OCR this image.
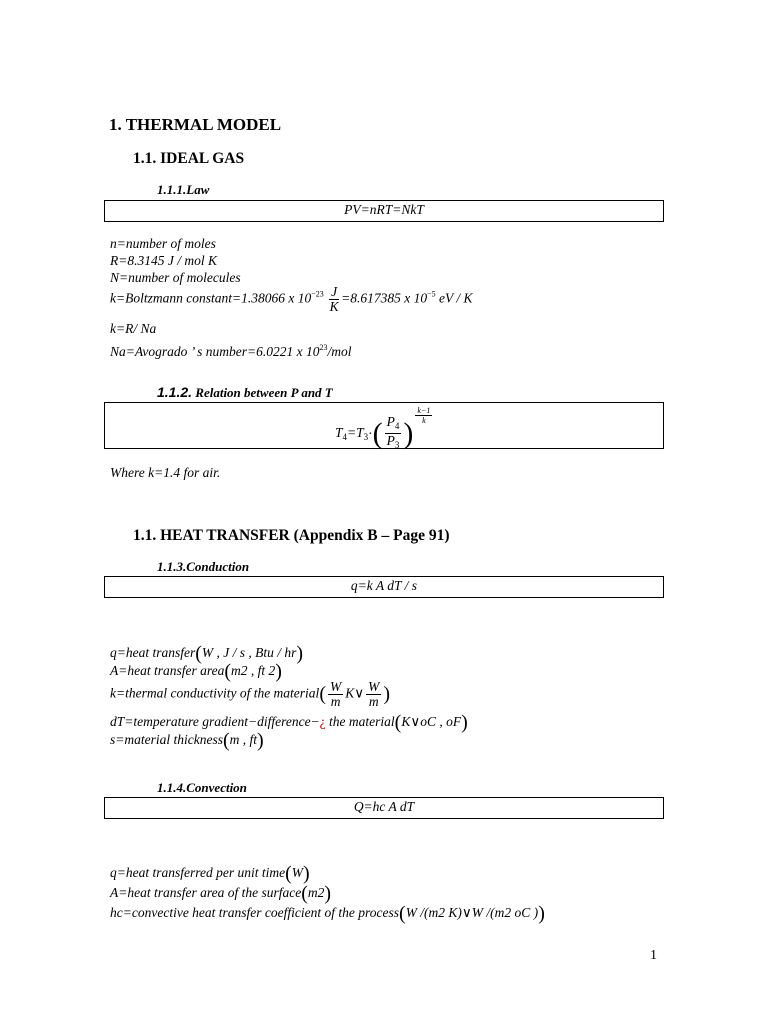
1. THERMAL MODEL
1.1. IDEAL GAS
1.1.1.Law
PV=nRT=NkT
n=number of moles
R=8.3145 J / mol K
N=number of molecules
k=Boltzmann constant=1.38066 x $10^{-23} \frac{J}{K} =8.617385$ x $10^{-5}$ eV / K
k=R/ Na
Na=Avogrado ’ s number=6.0221 x $10^{23}$/mol
1.1.2. Relation between P and T
$T_4=T_3\cdot( \frac{P_4}{P_3}$ )
$\frac{k-1}{k}$
Where k=1.4 for air.
1.1. HEAT TRANSFER (Appendix B – Page 91)
1.1.3.Conduction
q=k A dT / s
q=heat transfer(W , J / s , Btu / hr)
A=heat transfer area(m2 , ft 2)
k=thermal conductivity of the material( $\frac{W}{m}$ K∨ $\frac{W}{m}$ )
dT=temperature gradient−difference−¿ the material(K∨oC , oF)
s=material thickness(m , ft)
1.1.4.Convection
Q=hc A dT
q=heat transferred per unit time(W)
A=heat transfer area of the surface(m2)
hc=convective heat transfer coefficient of the process(W /(m2 K)∨W /(m2 oC ))
1
